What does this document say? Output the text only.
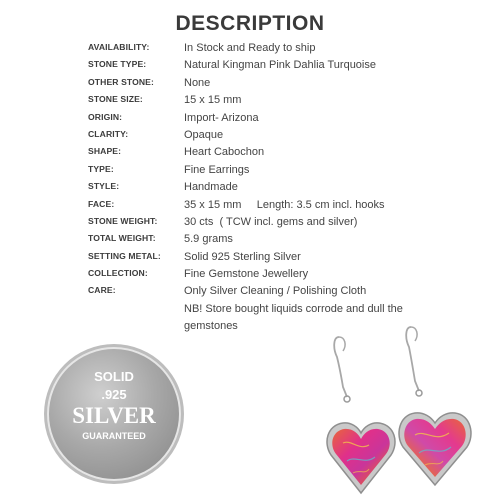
DESCRIPTION
AVAILABILITY:	In Stock and Ready to ship
STONE TYPE:	Natural Kingman Pink Dahlia Turquoise
OTHER STONE:	None
STONE SIZE:	15 x 15 mm
ORIGIN:	Import- Arizona
CLARITY:	Opaque
SHAPE:	Heart Cabochon
TYPE:	Fine Earrings
STYLE:	Handmade
FACE:	35 x 15 mm     Length: 3.5 cm incl. hooks
STONE WEIGHT:	30 cts  ( TCW incl. gems and silver)
TOTAL WEIGHT:	5.9 grams
SETTING METAL:	Solid 925 Sterling Silver
COLLECTION:	Fine Gemstone Jewellery
CARE:	Only Silver Cleaning / Polishing Cloth
NB! Store bought liquids corrode and dull the gemstones
SOLID
.925
SILVER
GUARANTEED
